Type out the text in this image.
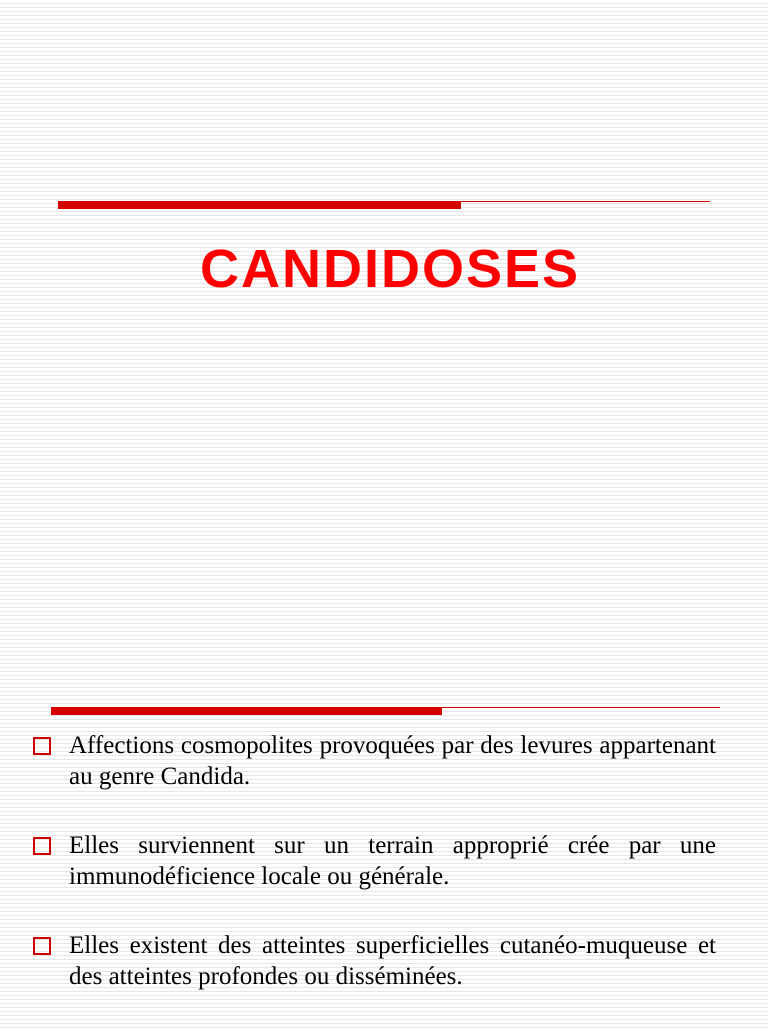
CANDIDOSES
Affections cosmopolites provoquées par des levures appartenant au genre Candida.
Elles surviennent sur un terrain approprié crée par une immunodéficience locale ou générale.
Elles existent des atteintes superficielles cutanéo-muqueuse et des atteintes profondes ou disséminées.
